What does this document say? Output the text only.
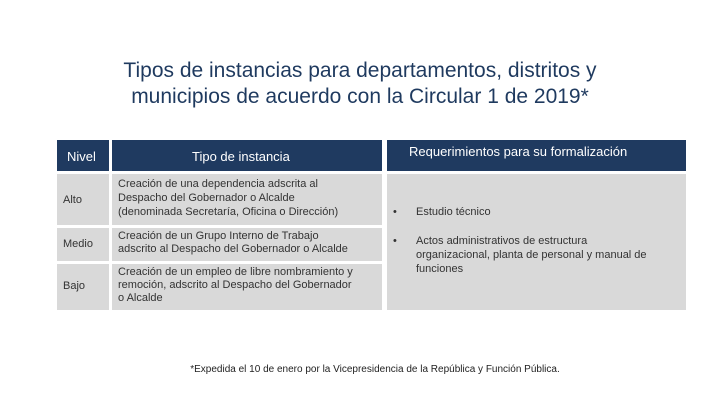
Tipos de instancias para departamentos, distritos y
municipios de acuerdo con la Circular 1 de 2019*
Nivel	Tipo de instancia	Requerimientos para su formalización
Alto
Medio
Bajo
Creación de una dependencia adscrita al
Despacho del Gobernador o Alcalde
(denominada Secretaría, Oficina o Dirección)
Creación de un Grupo Interno de Trabajo
adscrito al Despacho del Gobernador o Alcalde
Creación de un empleo de libre nombramiento y
remoción, adscrito al Despacho del Gobernador
o Alcalde
• Estudio técnico
• Actos administrativos de estructura
organizacional, planta de personal y manual de
funciones
*Expedida el 10 de enero por la Vicepresidencia de la República y Función Pública.
